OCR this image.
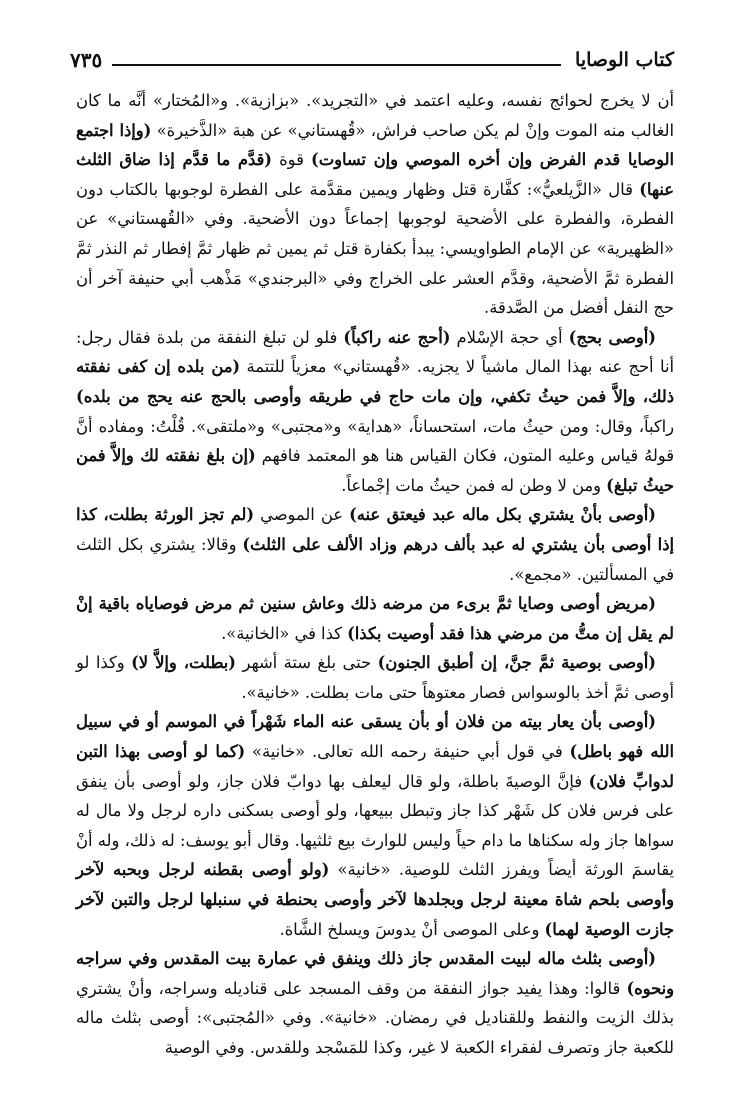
كتاب الوصايا
٧٣٥

أن لا يخرج لحوائج نفسه، وعليه اعتمد في «التجريد». «بزازية». و«المُختار» أنَّه ما كان الغالب منه الموت وإنْ لم يكن صاحب فراش، «قُهستاني» عن هبة «الذَّخيرة» (وإذا اجتمع الوصايا قدم الفرض وإن أخره الموصي وإن تساوت) قوة (قدَّم ما قدَّم إذا ضاق الثلث عنها) قال «الزَّيلعيُّ»: كفَّارة قتل وظهار ويمين مقدَّمة على الفطرة لوجوبها بالكتاب دون الفطرة، والفطرة على الأضحية لوجوبها إجماعاً دون الأضحية. وفي «القُهستاني» عن «الظهيرية» عن الإمام الطواويسي: يبدأ بكفارة قتل ثم يمين ثم ظهار ثمَّ إفطار ثم النذر ثمَّ الفطرة ثمَّ الأضحية، وقدَّم العشر على الخراج وفي «البرجندي» مَذْهب أبي حنيفة آخر أن حج النفل أفضل من الصَّدقة.

(أوصى بحج) أي حجة الإسْلام (أحج عنه راكباً) فلو لن تبلغ النفقة من بلدة فقال رجل: أنا أحج عنه بهذا المال ماشياً لا يجزيه. «قُهستاني» معزياً للتتمة (من بلده إن كفى نفقته ذلك، وإلاَّ فمن حيثُ تكفي، وإن مات حاج في طريقه وأوصى بالحج عنه يحج من بلده) راكباً، وقال: ومن حيثُ مات، استحساناً، «هداية» و«مجتبى» و«ملتقى». قُلْتُ: ومفاده أنَّ قولهُ قياس وعليه المتون، فكان القياس هنا هو المعتمد فافهم (إن بلغ نفقته لك وإلاَّ فمن حيثُ تبلغ) ومن لا وطن له فمن حيثُ مات إجْماعاً.

(أوصى بأنْ يشتري بكل ماله عبد فيعتق عنه) عن الموصي (لم تجز الورثة بطلت، كذا إذا أوصى بأن يشتري له عبد بألف درهم وزاد الألف على الثلث) وقالا: يشتري بكل الثلث في المسألتين. «مجمع».

(مريض أوصى وصايا ثمَّ برىء من مرضه ذلك وعاش سنين ثم مرض فوصاياه باقية إنْ لم يقل إن متُّ من مرضي هذا فقد أوصيت بكذا) كذا في «الخانية».

(أوصى بوصية ثمَّ جنَّ، إن أطبق الجنون) حتى بلغ ستة أشهر (بطلت، وإلاَّ لا) وكذا لو أوصى ثمَّ أخذ بالوسواس فصار معتوهاً حتى مات بطلت. «خانية».

(أوصى بأن يعار بيته من فلان أو بأن يسقى عنه الماء شَهْراً في الموسم أو في سبيل الله فهو باطل) في قول أبي حنيفة رحمه الله تعالى. «خانية» (كما لو أوصى بهذا التبن لدوابِّ فلان) فإنَّ الوصيةَ باطلة، ولو قال ليعلف بها دوابّ فلان جاز، ولو أوصى بأن ينفق على فرس فلان كل شَهْر كذا جاز وتبطل ببيعها، ولو أوصى بسكنى داره لرجل ولا مال له سواها جاز وله سكناها ما دام حياً وليس للوارث بيع ثلثيها. وقال أبو يوسف: له ذلك، وله أنْ يقاسمَ الورثة أيضاً ويفرز الثلث للوصية. «خانية» (ولو أوصى بقطنه لرجل وبحبه لآخر وأوصى بلحم شاة معينة لرجل وبجلدها لآخر وأوصى بحنطة في سنبلها لرجل والتبن لآخر جازت الوصية لهما) وعلى الموصى أنْ يدوسَ ويسلخ الشَّاة.

(أوصى بثلث ماله لبيت المقدس جاز ذلك وينفق في عمارة بيت المقدس وفي سراجه ونحوه) قالوا: وهذا يفيد جواز النفقة من وقف المسجد على قناديله وسراجه، وأنْ يشتري بذلك الزيت والنفط وللقناديل في رمضان. «خانية». وفي «المُجتبى»: أوصى بثلث ماله للكعبة جاز وتصرف لفقراء الكعبة لا غير، وكذا للمَسْجد وللقدس. وفي الوصية
